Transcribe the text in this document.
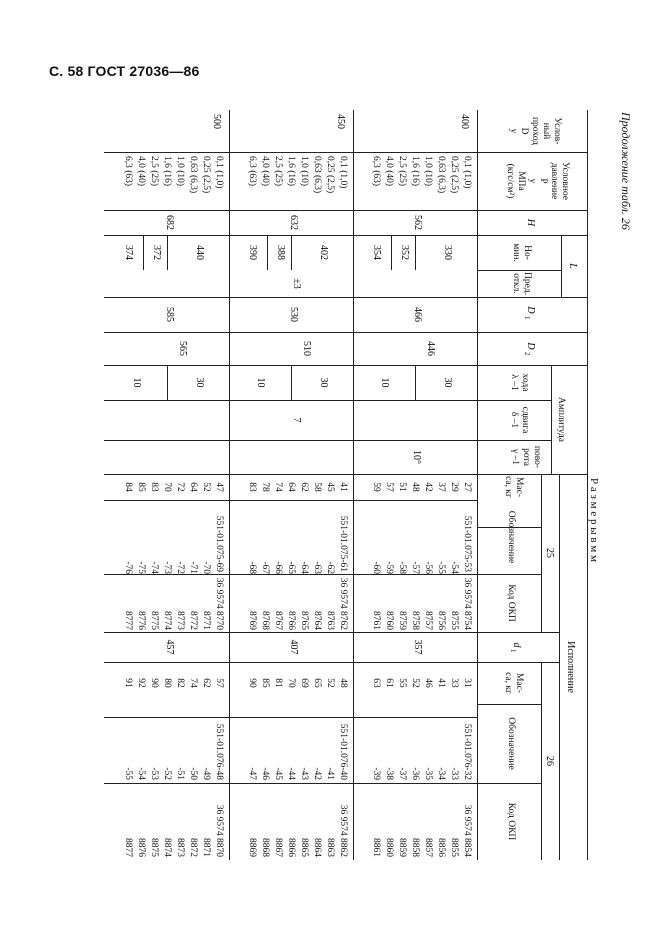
С. 58 ГОСТ 27036—86
Продолжение табл. 26
Р а з м е р ы в м м
Услов-
ный
проход
D
у
Условное
давление
P
у
МПа
(кгс/см²)
H
L
Но-
мин.
Пред.
откл.
D
1
D
2
Амплитуда
хода
λ –1
сдвига
δ –1
пово-
рота
γ –1
Исполнение
25
26
Мас-
са, кг
Обозначение
Код ОКП
d
1
Мас-
са, кг
Обозначение
Код ОКП
±3
7
10°
400
562
466
446
357
30
10
330
352
354
0,1 (1,0)
27
551-01.075-53
36 9574 8754
31
551-01.076-32
36 9574 8854
0,25 (2,5)
29
-54
8755
33
-33
8855
0,63 (6,3)
37
-55
8756
41
-34
8856
1,0 (10)
42
-56
8757
46
-35
8857
1,6 (16)
48
-57
8758
52
-36
8858
2,5 (25)
51
-58
8759
55
-37
8859
4,0 (40)
57
-59
8760
61
-38
8860
6,3 (63)
59
-60
8761
63
-39
8861
450
632
530
510
407
30
10
402
388
390
0,1 (1,0)
41
551-01.075-61
36 9574 8762
48
551-01.076-40
36 9574 8862
0,25 (2,5)
45
-62
8763
52
-41
8863
0,63 (6,3)
58
-63
8764
65
-42
8864
1,0 (10)
62
-64
8765
69
-43
8865
1,6 (16)
64
-65
8766
70
-44
8866
2,5 (25)
74
-66
8767
81
-45
8867
4,0 (40)
78
-67
8768
85
-46
8868
6,3 (63)
83
-68
8769
90
-47
8869
500
682
585
565
457
30
10
440
372
374
0,1 (1,0)
47
551-01.075-69
36 9574 8770
57
551-01.076-48
36 9574 8870
0,25 (2,5)
52
-70
8771
62
-49
8871
0,63 (6,3)
64
-71
8772
74
-50
8872
1,0 (10)
72
-72
8773
82
-51
8873
1,6 (16)
70
-73
8774
80
-52
8874
2,5 (25)
83
-74
8775
90
-53
8875
4,0 (40)
85
-75
8776
92
-54
8876
6,3 (63)
84
-76
8777
91
-55
8877
